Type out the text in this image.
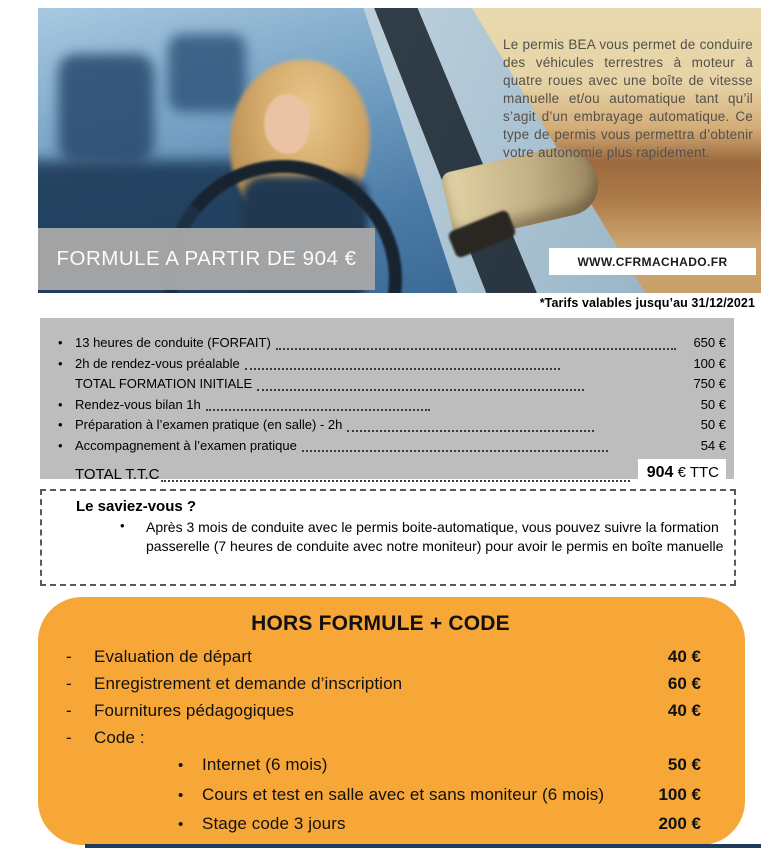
Le permis BEA vous permet de conduire des véhicules terrestres à moteur à quatre roues avec une boîte de vitesse manuelle et/ou automatique tant qu’il s’agit d’un embrayage automatique. Ce type de permis vous permettra d’obtenir votre autonomie plus rapidement.
FORMULE A PARTIR DE 904 €	WWW.CFRMACHADO.FR
*Tarifs valables jusqu’au 31/12/2021
• 13 heures de conduite (FORFAIT)	650 €
• 2h de rendez-vous préalable	100 €
TOTAL FORMATION INITIALE	750 €
• Rendez-vous bilan 1h	50 €
• Préparation à l’examen pratique (en salle) - 2h	50 €
• Accompagnement à l’examen pratique	54 €
TOTAL T.T.C	904 € TTC
Le saviez-vous ?
•	Après 3 mois de conduite avec le permis boite-automatique, vous pouvez suivre la formation passerelle (7 heures de conduite avec notre moniteur) pour avoir le permis en boîte manuelle
HORS FORMULE + CODE
-	Evaluation de départ	40 €
-	Enregistrement et demande d’inscription	60 €
-	Fournitures pédagogiques	40 €
-	Code :
•	Internet (6 mois)	50 €
•	Cours et test en salle avec et sans moniteur (6 mois)	100 €
•	Stage code 3 jours	200 €
